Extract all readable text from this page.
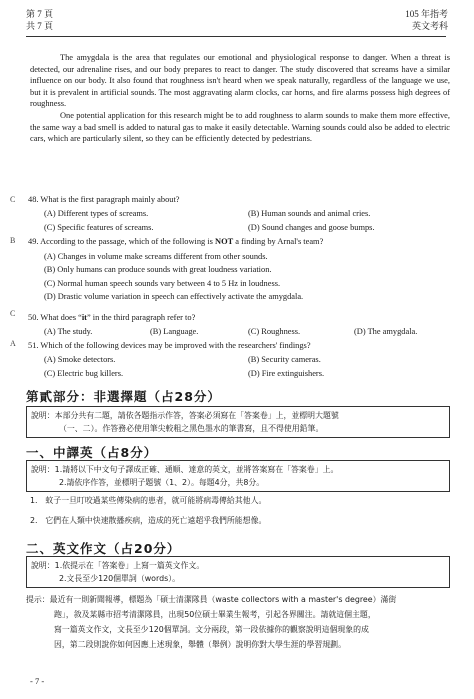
第 7 頁
共 7 頁
105 年指考
英文考科

The amygdala is the area that regulates our emotional and physiological response to danger. When a threat is detected, our adrenaline rises, and our body prepares to react to danger. The study discovered that screams have a similar influence on our body. It also found that roughness isn't heard when we speak naturally, regardless of the language we use, but it is prevalent in artificial sounds. The most aggravating alarm clocks, car horns, and fire alarms possess high degrees of roughness.

One potential application for this research might be to add roughness to alarm sounds to make them more effective, the same way a bad smell is added to natural gas to make it easily detectable. Warning sounds could also be added to electric cars, which are particularly silent, so they can be efficiently detected by pedestrians.

C 48. What is the first paragraph mainly about?
(A) Different types of screams.	(B) Human sounds and animal cries.
(C) Specific features of screams.	(D) Sound changes and goose bumps.
B 49. According to the passage, which of the following is NOT a finding by Arnal's team?
(A) Changes in volume make screams different from other sounds.
(B) Only humans can produce sounds with great loudness variation.
(C) Normal human speech sounds vary between 4 to 5 Hz in loudness.
(D) Drastic volume variation in speech can effectively activate the amygdala.
C 50. What does “it” in the third paragraph refer to?
(A) The study.	(B) Language.	(C) Roughness.	(D) The amygdala.
A 51. Which of the following devices may be improved with the researchers' findings?
(A) Smoke detectors.	(B) Security cameras.
(C) Electric bug killers.	(D) Fire extinguishers.
第貳部分：非選擇題（占28分）
說明：本部分共有二題，請依各題指示作答，答案必須寫在「答案卷」上，並標明大題號
（一、二）。作答務必使用筆尖較粗之黑色墨水的筆書寫，且不得使用鉛筆。
一、中譯英（占8分）
說明：1.請將以下中文句子譯成正確、通順、達意的英文，並將答案寫在「答案卷」上。
2.請依序作答，並標明子題號（1、2）。每題4分，共8分。
1.　蚊子一旦叮咬過某些傳染病的患者，就可能將病毒傳給其他人。
2.　它們在人類中快速散播疾病，造成的死亡遠超乎我們所能想像。
二、英文作文（占20分）
說明：1.依提示在「答案卷」上寫一篇英文作文。
2.文長至少120個單詞（words）。
提示：最近有一則新聞報導，標題為「碩士清潔隊員（waste collectors with a master's degree）滿街
跑」，敘及某縣市招考清潔隊員，出現50位碩士畢業生報考，引起各界關注。請就這個主題，
寫一篇英文作文，文長至少120個單詞。文分兩段，第一段依據你的觀察說明這個現象的成
因，第二段則說你如何因應上述現象，舉體（舉例）說明你對大學生涯的學習規劃。
- 7 -
